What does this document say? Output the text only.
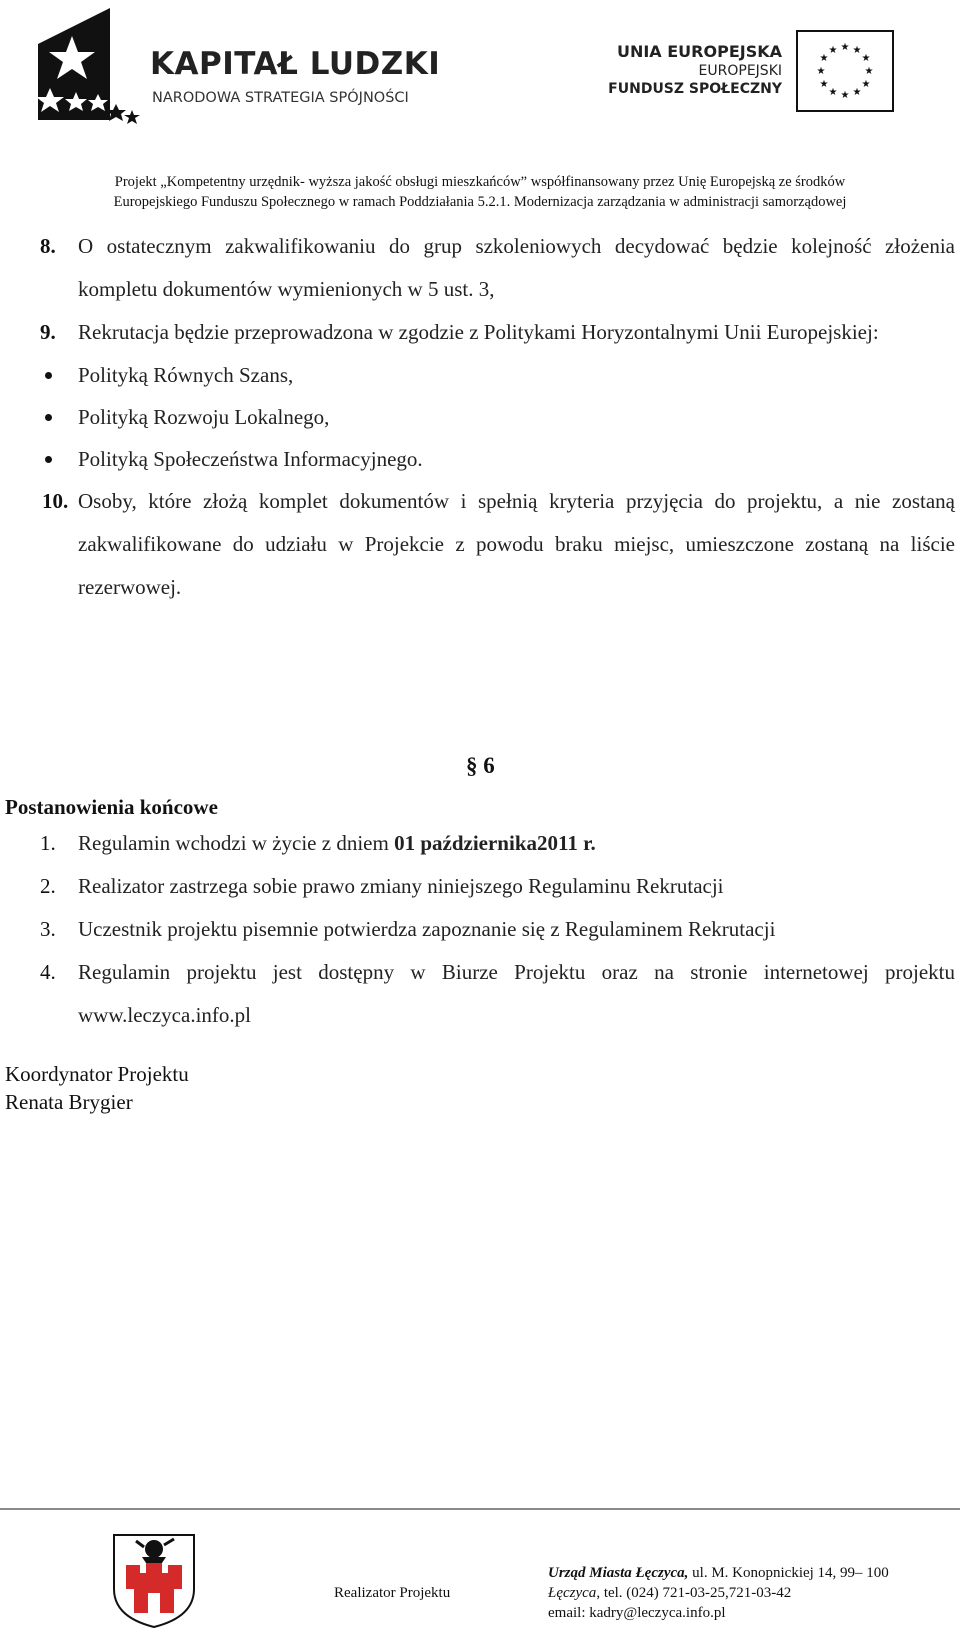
KAPITAŁ LUDZKI
NARODOWA STRATEGIA SPÓJNOŚCI
UNIA EUROPEJSKA
EUROPEJSKI
FUNDUSZ SPOŁECZNY
★ ★
★
★
★
★
★
★
★
★
★
★
Projekt „Kompetentny urzędnik- wyższa jakość obsługi mieszkańców” współfinansowany przez Unię Europejską ze środków
Europejskiego Funduszu Społecznego w ramach Poddziałania 5.2.1. Modernizacja zarządzania w administracji samorządowej
8. O ostatecznym zakwalifikowaniu do grup szkoleniowych decydować będzie kolejność złożenia kompletu dokumentów wymienionych w 5 ust. 3,
9. Rekrutacja będzie przeprowadzona w zgodzie z Politykami Horyzontalnymi Unii Europejskiej:
Polityką Równych Szans,
Polityką Rozwoju Lokalnego,
Polityką Społeczeństwa Informacyjnego.
10. Osoby, które złożą komplet dokumentów i spełnią kryteria przyjęcia do projektu, a nie zostaną zakwalifikowane do udziału w Projekcie z powodu braku miejsc, umieszczone zostaną na liście rezerwowej.
§ 6
Postanowienia końcowe
1. Regulamin wchodzi w życie z dniem 01 października2011 r.
2. Realizator zastrzega sobie prawo zmiany niniejszego Regulaminu Rekrutacji
3. Uczestnik projektu pisemnie potwierdza zapoznanie się z Regulaminem Rekrutacji
4. Regulamin projektu jest dostępny w Biurze Projektu oraz na stronie internetowej projektu www.leczyca.info.pl
Koordynator Projektu
Renata Brygier
Realizator Projektu
Urząd Miasta Łęczyca, ul. M. Konopnickiej 14, 99– 100
Łęczyca, tel. (024) 721-03-25,721-03-42
email: kadry@leczyca.info.pl
